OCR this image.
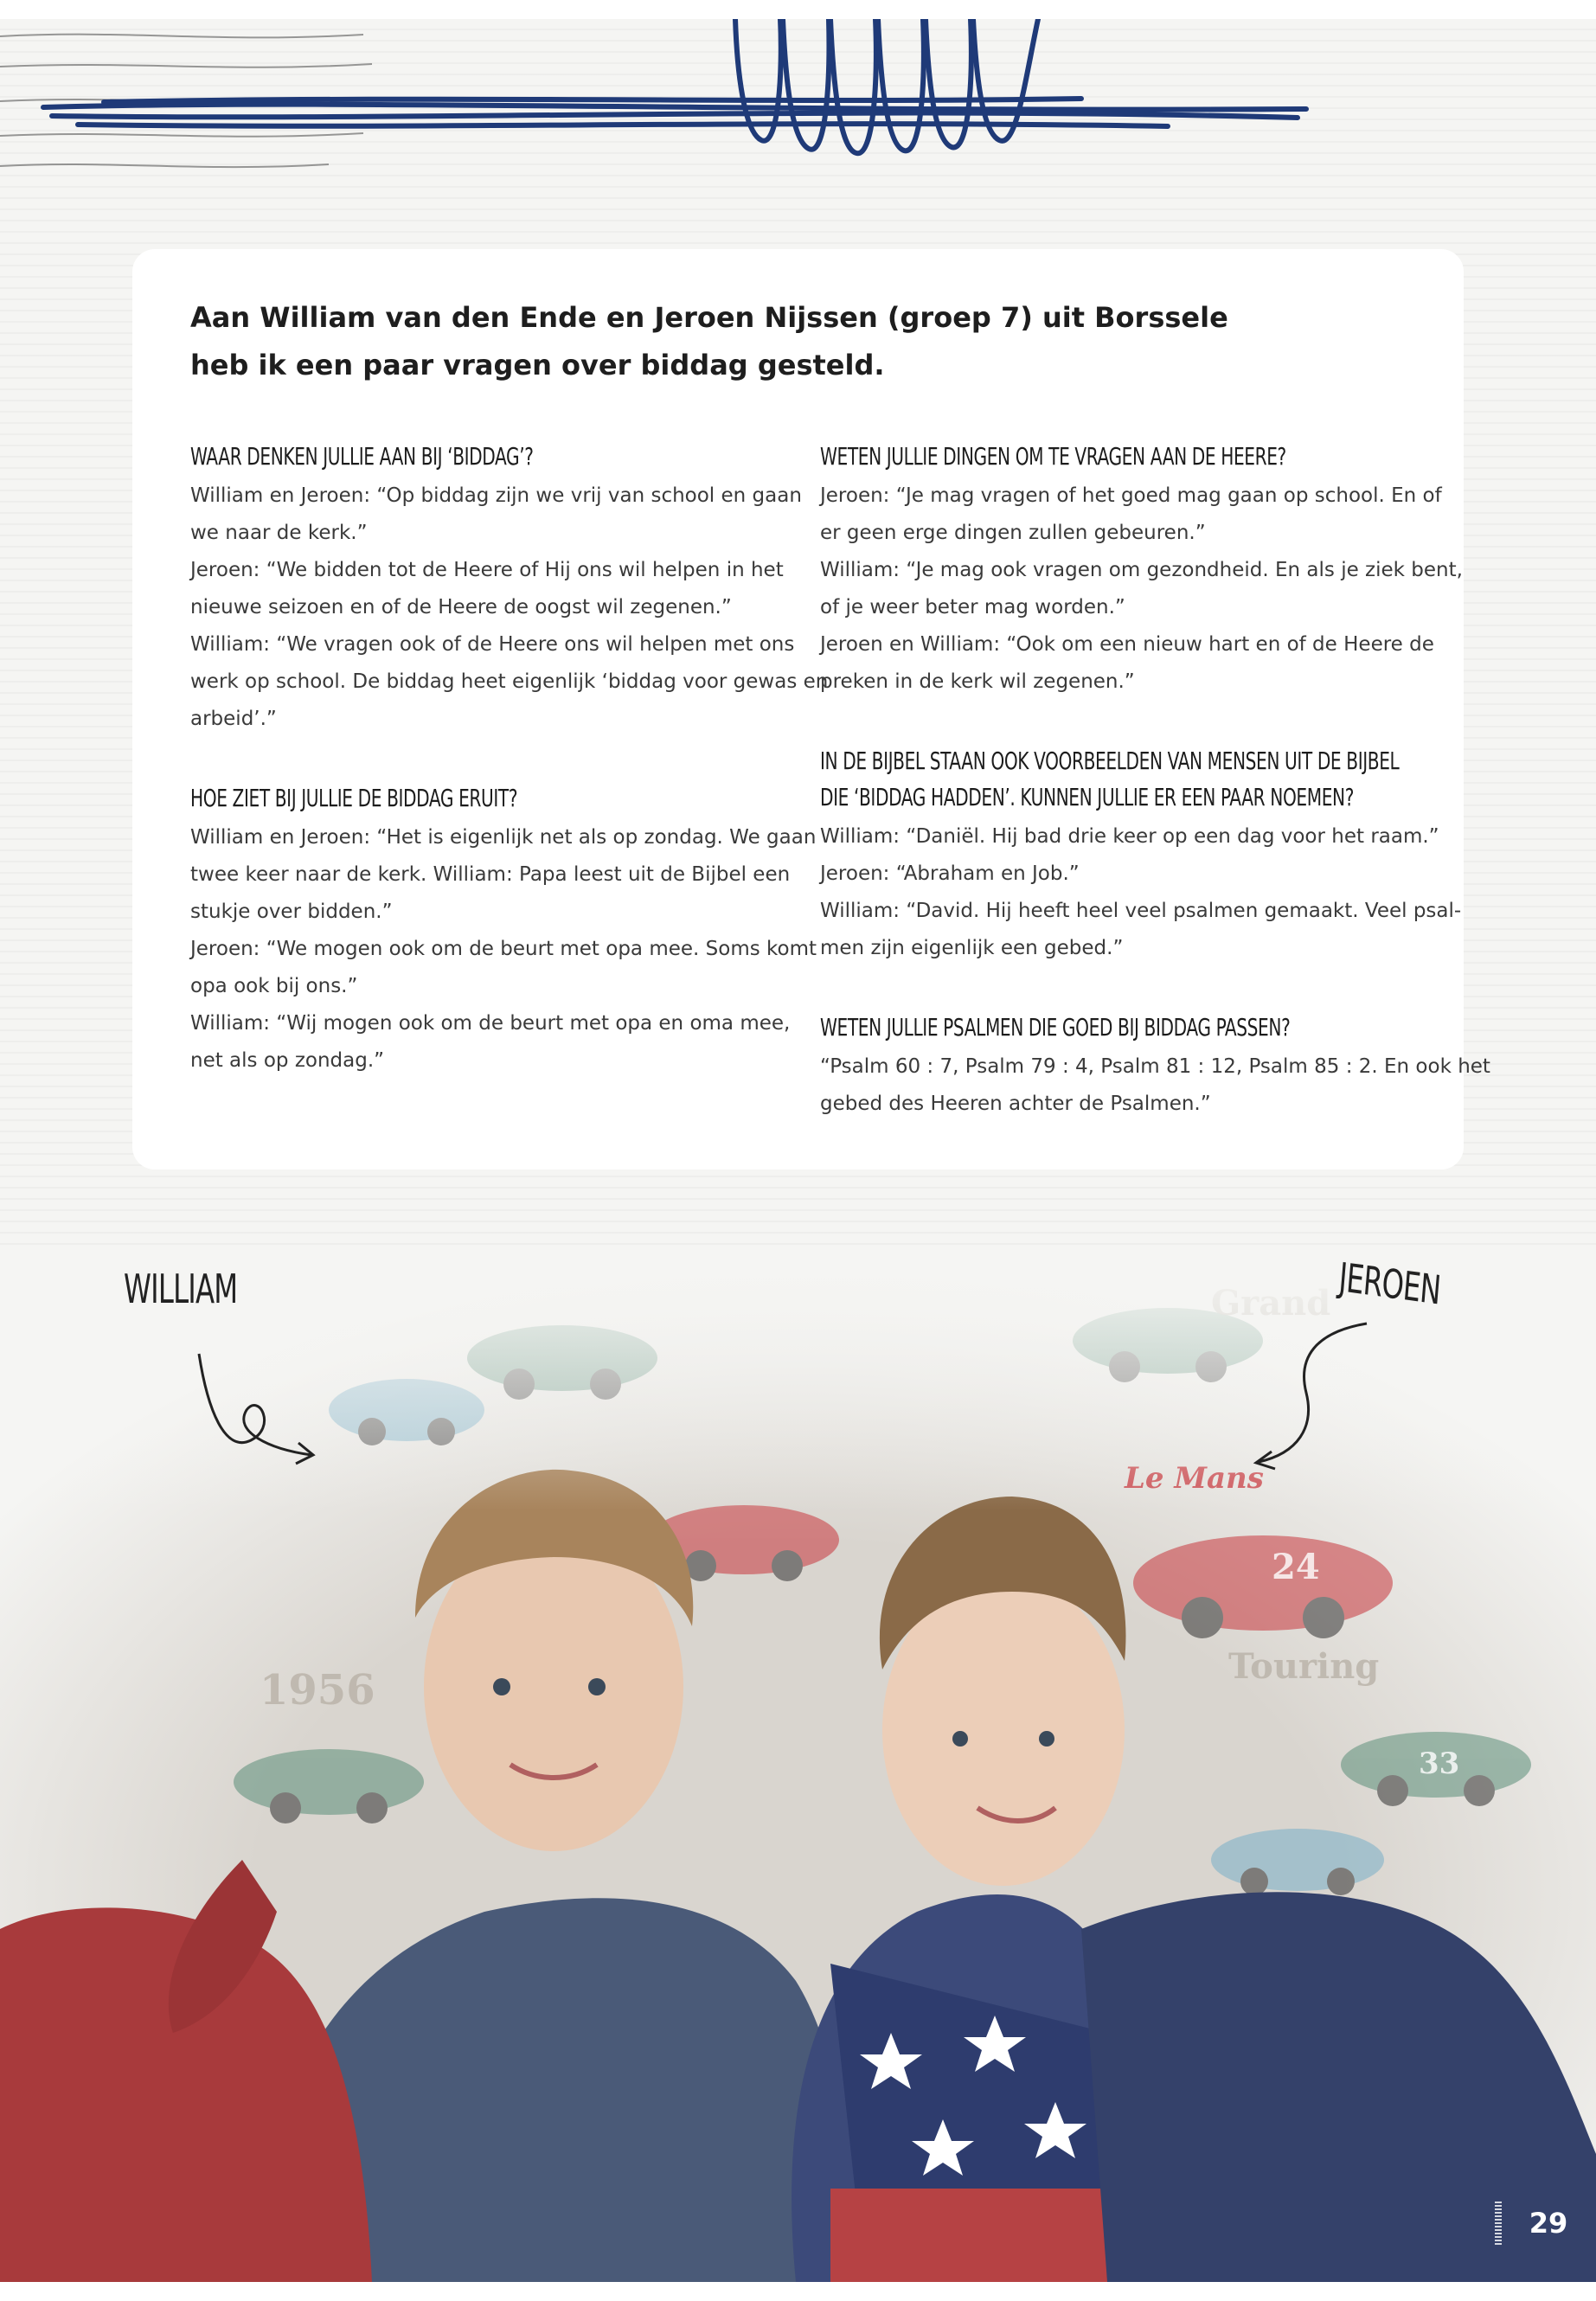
Aan William van den Ende en Jeroen Nijssen (groep 7) uit Borssele
heb ik een paar vragen over biddag gesteld.
WAAR DENKEN JULLIE AAN BIJ ‘BIDDAG’?
William en Jeroen: “Op biddag zijn we vrij van school en gaan
we naar de kerk.”
Jeroen: “We bidden tot de Heere of Hij ons wil helpen in het
nieuwe seizoen en of de Heere de oogst wil zegenen.”
William: “We vragen ook of de Heere ons wil helpen met ons
werk op school. De biddag heet eigenlijk ‘biddag voor gewas en
arbeid’.”
HOE ZIET BIJ JULLIE DE BIDDAG ERUIT?
William en Jeroen: “Het is eigenlijk net als op zondag. We gaan
twee keer naar de kerk. William: Papa leest uit de Bijbel een
stukje over bidden.”
Jeroen: “We mogen ook om de beurt met opa mee. Soms komt
opa ook bij ons.”
William: “Wij mogen ook om de beurt met opa en oma mee,
net als op zondag.”
WETEN JULLIE DINGEN OM TE VRAGEN AAN DE HEERE?
Jeroen: “Je mag vragen of het goed mag gaan op school. En of
er geen erge dingen zullen gebeuren.”
William: “Je mag ook vragen om gezondheid. En als je ziek bent,
of je weer beter mag worden.”
Jeroen en William: “Ook om een nieuw hart en of de Heere de
preken in de kerk wil zegenen.”
IN DE BIJBEL STAAN OOK VOORBEELDEN VAN MENSEN UIT DE BIJBEL
DIE ‘BIDDAG HADDEN’. KUNNEN JULLIE ER EEN PAAR NOEMEN?
William: “Daniël. Hij bad drie keer op een dag voor het raam.”
Jeroen: “Abraham en Job.”
William: “David. Hij heeft heel veel psalmen gemaakt. Veel psal-
men zijn eigenlijk een gebed.”
WETEN JULLIE PSALMEN DIE GOED BIJ BIDDAG PASSEN?
“Psalm 60 : 7, Psalm 79 : 4, Psalm 81 : 12, Psalm 85 : 2. En ook het
gebed des Heeren achter de Psalmen.”
WILLIAM	JEROEN
29
